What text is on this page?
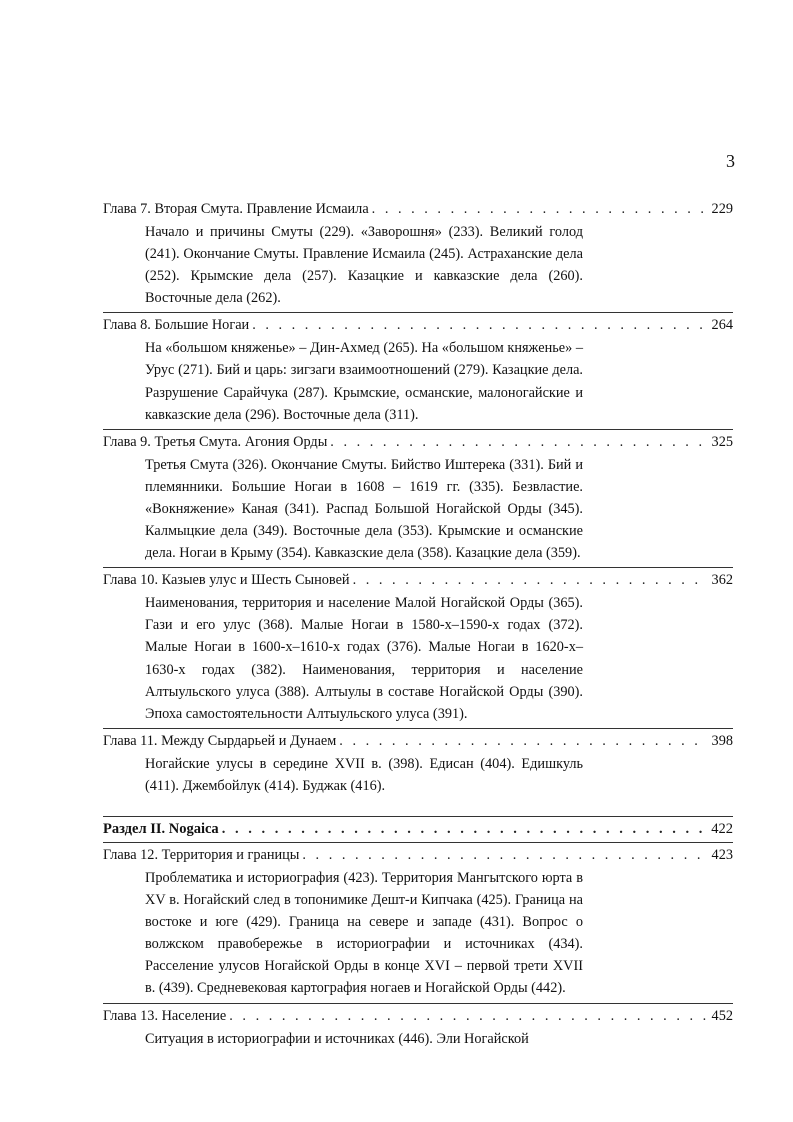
3
Глава 7. Вторая Смута. Правление Исмаила . . .	229
Начало и причины Смуты (229). «Заворошня» (233). Великий голод (241). Окончание Смуты. Правление Исмаила (245). Астраханские дела (252). Крымские дела (257). Казацкие и кавказские дела (260). Восточные дела (262).
Глава 8. Большие Ногаи . . .	264
На «большом княженье» – Дин-Ахмед (265). На «большом княженье» – Урус (271). Бий и царь: зигзаги взаимоотношений (279). Казацкие дела. Разрушение Сарайчука (287). Крымские, османские, малоногайские и кавказские дела (296). Восточные дела (311).
Глава 9. Третья Смута. Агония Орды . . .	325
Третья Смута (326). Окончание Смуты. Бийство Иштерека (331). Бий и племянники. Большие Ногаи в 1608 – 1619 гг. (335). Безвластие. «Вокняжение» Каная (341). Распад Большой Ногайской Орды (345). Калмыцкие дела (349). Восточные дела (353). Крымские и османские дела. Ногаи в Крыму (354). Кавказские дела (358). Казацкие дела (359).
Глава 10. Казыев улус и Шесть Сыновей . . .	362
Наименования, территория и население Малой Ногайской Орды (365). Гази и его улус (368). Малые Ногаи в 1580-х–1590-х годах (372). Малые Ногаи в 1600-х–1610-х годах (376). Малые Ногаи в 1620-х–1630-х годах (382). Наименования, территория и население Алтыульского улуса (388). Алтыулы в составе Ногайской Орды (390). Эпоха самостоятельности Алтыульского улуса (391).
Глава 11. Между Сырдарьей и Дунаем . . .	398
Ногайские улусы в середине XVII в. (398). Едисан (404). Едишкуль (411). Джембойлук (414). Буджак (416).
Раздел II. Nogaica . . .	422
Глава 12. Территория и границы . . .	423
Проблематика и историография (423). Территория Мангытского юрта в XV в. Ногайский след в топонимике Дешт-и Кипчака (425). Граница на востоке и юге (429). Граница на севере и западе (431). Вопрос о волжском правобережье в историографии и источниках (434). Расселение улусов Ногайской Орды в конце XVI – первой трети XVII в. (439). Средневековая картография ногаев и Ногайской Орды (442).
Глава 13. Население . . .	452
Ситуация в историографии и источниках (446). Эли Ногайской
